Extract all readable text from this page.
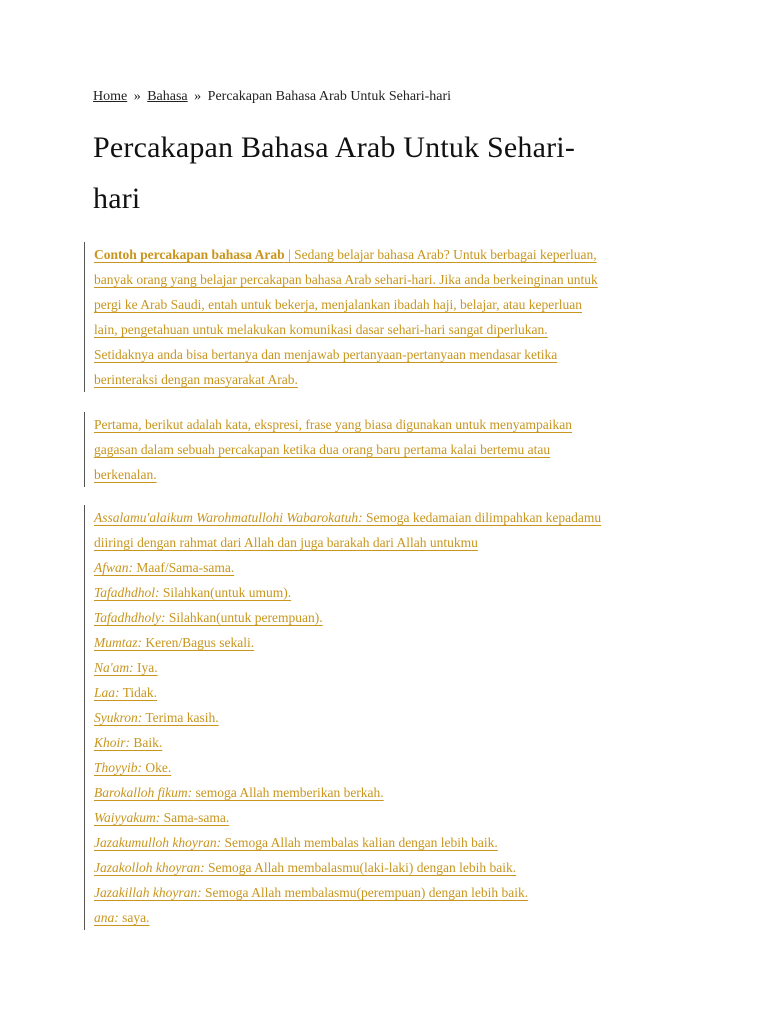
Home » Bahasa » Percakapan Bahasa Arab Untuk Sehari-hari
Percakapan Bahasa Arab Untuk Sehari-
hari

Contoh percakapan bahasa Arab | Sedang belajar bahasa Arab? Untuk berbagai keperluan,
banyak orang yang belajar percakapan bahasa Arab sehari-hari. Jika anda berkeinginan untuk
pergi ke Arab Saudi, entah untuk bekerja, menjalankan ibadah haji, belajar, atau keperluan
lain, pengetahuan untuk melakukan komunikasi dasar sehari-hari sangat diperlukan.
Setidaknya anda bisa bertanya dan menjawab pertanyaan-pertanyaan mendasar ketika
berinteraksi dengan masyarakat Arab.

Pertama, berikut adalah kata, ekspresi, frase yang biasa digunakan untuk menyampaikan
gagasan dalam sebuah percakapan ketika dua orang baru pertama kalai bertemu atau
berkenalan.

Assalamu'alaikum Warohmatullohi Wabarokatuh: Semoga kedamaian dilimpahkan kepadamu
diiringi dengan rahmat dari Allah dan juga barakah dari Allah untukmu
Afwan: Maaf/Sama-sama.
Tafadhdhol: Silahkan(untuk umum).
Tafadhdholy: Silahkan(untuk perempuan).
Mumtaz: Keren/Bagus sekali.
Na'am: Iya.
Laa: Tidak.
Syukron: Terima kasih.
Khoir: Baik.
Thoyyib: Oke.
Barokalloh fikum: semoga Allah memberikan berkah.
Waiyyakum: Sama-sama.
Jazakumulloh khoyran: Semoga Allah membalas kalian dengan lebih baik.
Jazakolloh khoyran: Semoga Allah membalasmu(laki-laki) dengan lebih baik.
Jazakillah khoyran: Semoga Allah membalasmu(perempuan) dengan lebih baik.
ana: saya.
